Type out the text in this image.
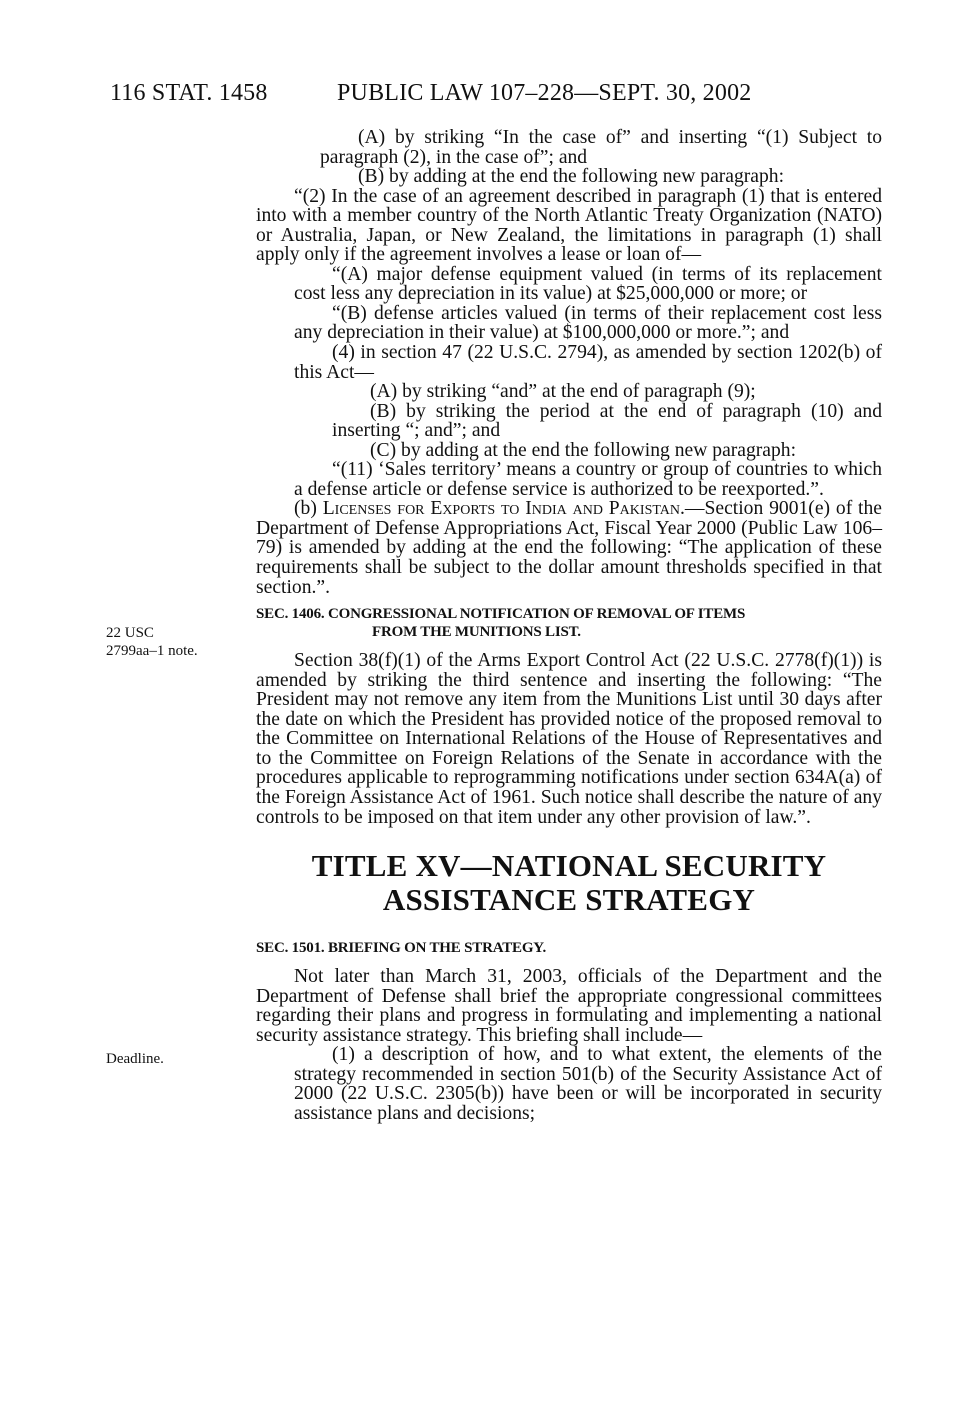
116 STAT. 1458	PUBLIC LAW 107–228—SEPT. 30, 2002
22 USC
2799aa–1 note.
Deadline.

(A) by striking “In the case of” and inserting “(1) Subject to paragraph (2), in the case of”; and

(B) by adding at the end the following new paragraph:

“(2) In the case of an agreement described in paragraph (1) that is entered into with a member country of the North Atlantic Treaty Organization (NATO) or Australia, Japan, or New Zealand, the limitations in paragraph (1) shall apply only if the agreement involves a lease or loan of—

“(A) major defense equipment valued (in terms of its replacement cost less any depreciation in its value) at $25,000,000 or more; or

“(B) defense articles valued (in terms of their replacement cost less any depreciation in their value) at $100,000,000 or more.”; and

(4) in section 47 (22 U.S.C. 2794), as amended by section 1202(b) of this Act—

(A) by striking “and” at the end of paragraph (9);

(B) by striking the period at the end of paragraph (10) and inserting “; and”; and

(C) by adding at the end the following new paragraph:

“(11) ‘Sales territory’ means a country or group of countries to which a defense article or defense service is authorized to be reexported.”.

(b) Licenses for Exports to India and Pakistan.—Section 9001(e) of the Department of Defense Appropriations Act, Fiscal Year 2000 (Public Law 106–79) is amended by adding at the end the following: “The application of these requirements shall be subject to the dollar amount thresholds specified in that section.”.

SEC. 1406. CONGRESSIONAL NOTIFICATION OF REMOVAL OF ITEMS
FROM THE MUNITIONS LIST.

Section 38(f)(1) of the Arms Export Control Act (22 U.S.C. 2778(f)(1)) is amended by striking the third sentence and inserting the following: “The President may not remove any item from the Munitions List until 30 days after the date on which the President has provided notice of the proposed removal to the Committee on International Relations of the House of Representatives and to the Committee on Foreign Relations of the Senate in accordance with the procedures applicable to reprogramming notifications under section 634A(a) of the Foreign Assistance Act of 1961. Such notice shall describe the nature of any controls to be imposed on that item under any other provision of law.”.

TITLE XV—NATIONAL SECURITY
ASSISTANCE STRATEGY
SEC. 1501. BRIEFING ON THE STRATEGY.

Not later than March 31, 2003, officials of the Department and the Department of Defense shall brief the appropriate congressional committees regarding their plans and progress in formulating and implementing a national security assistance strategy. This briefing shall include—

(1) a description of how, and to what extent, the elements of the strategy recommended in section 501(b) of the Security Assistance Act of 2000 (22 U.S.C. 2305(b)) have been or will be incorporated in security assistance plans and decisions;
